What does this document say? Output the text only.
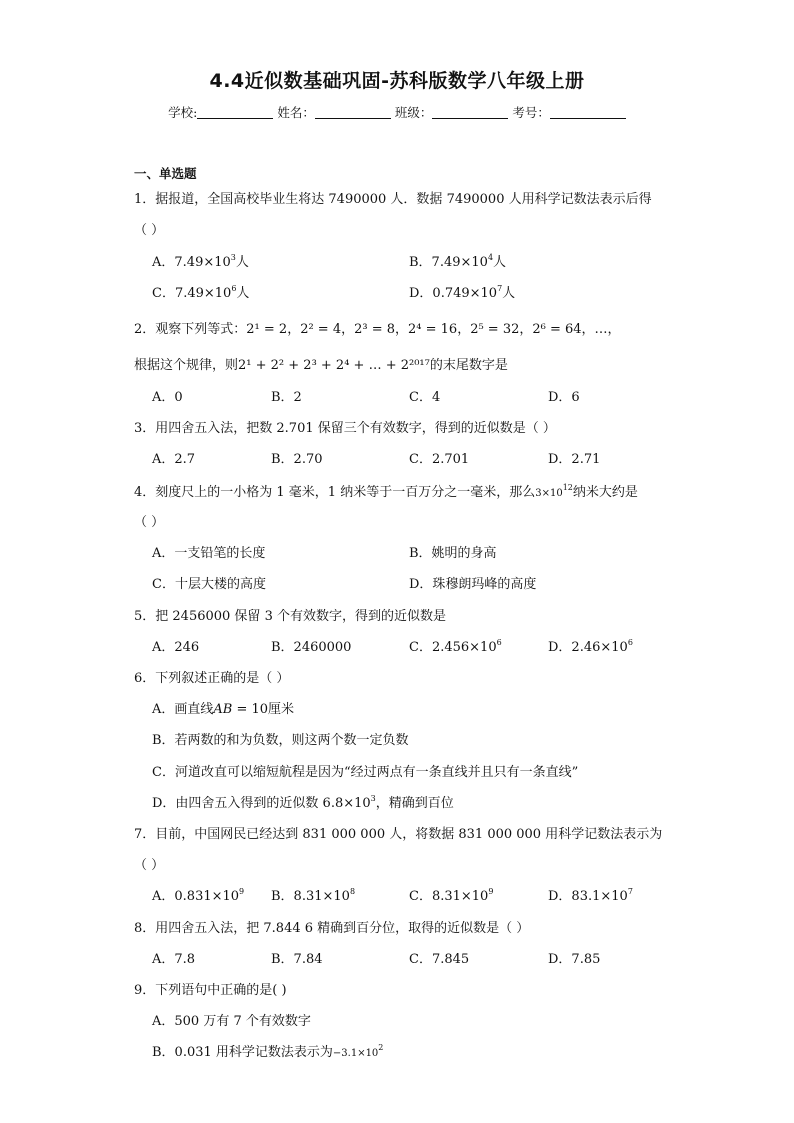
4.4近似数基础巩固-苏科版数学八年级上册
学校:	姓名：	班级：	考号：
一、单选题
1．据报道，全国高校毕业生将达 7490000 人．数据 7490000 人用科学记数法表示后得
（ ）
A．$7.49\times 10^3$人	B．$7.49\times 10^4$人
C．$7.49\times 10^6$人	D．$0.749\times 10^7$人
2．观察下列等式：2¹ = 2，2² = 4，2³ = 8，2⁴ = 16，2⁵ = 32，2⁶ = 64，…，
根据这个规律，则2¹ + 2² + 2³ + 2⁴ + … + 2²⁰¹⁷的末尾数字是
A．0	B．2	C．4	D．6
3．用四舍五入法，把数 2.701 保留三个有效数字，得到的近似数是（ ）
A．2.7	B．2.70	C．2.701	D．2.71
4．刻度尺上的一小格为 1 毫米，1 纳米等于一百万分之一毫米，那么$3\times 10^{12}$纳米大约是
（ ）
A．一支铅笔的长度	B．姚明的身高
C．十层大楼的高度	D．珠穆朗玛峰的高度
5．把 2456000 保留 3 个有效数字，得到的近似数是
A．246	B．2460000	C．$2.456\times 10^6$	D．$2.46\times 10^6$
6．下列叙述正确的是（ ）
A．画直线AB = 10厘米
B．若两数的和为负数，则这两个数一定负数
C．河道改直可以缩短航程是因为“经过两点有一条直线并且只有一条直线”
D．由四舍五入得到的近似数 $6.8\times 10^3$，精确到百位
7．目前，中国网民已经达到 831 000 000 人，将数据 831 000 000 用科学记数法表示为
（ ）
A．$0.831\times 10^9$ B．$8.31\times 10^8$	C．$8.31\times 10^9$	D．$83.1\times 10^7$
8．用四舍五入法，把 7.844 6 精确到百分位，取得的近似数是（ ）
A．7.8	B．7.84	C．7.845	D．7.85
9．下列语句中正确的是( )
A．500 万有 7 个有效数字
B．0.031 用科学记数法表示为$-3.1\times 10^2$
